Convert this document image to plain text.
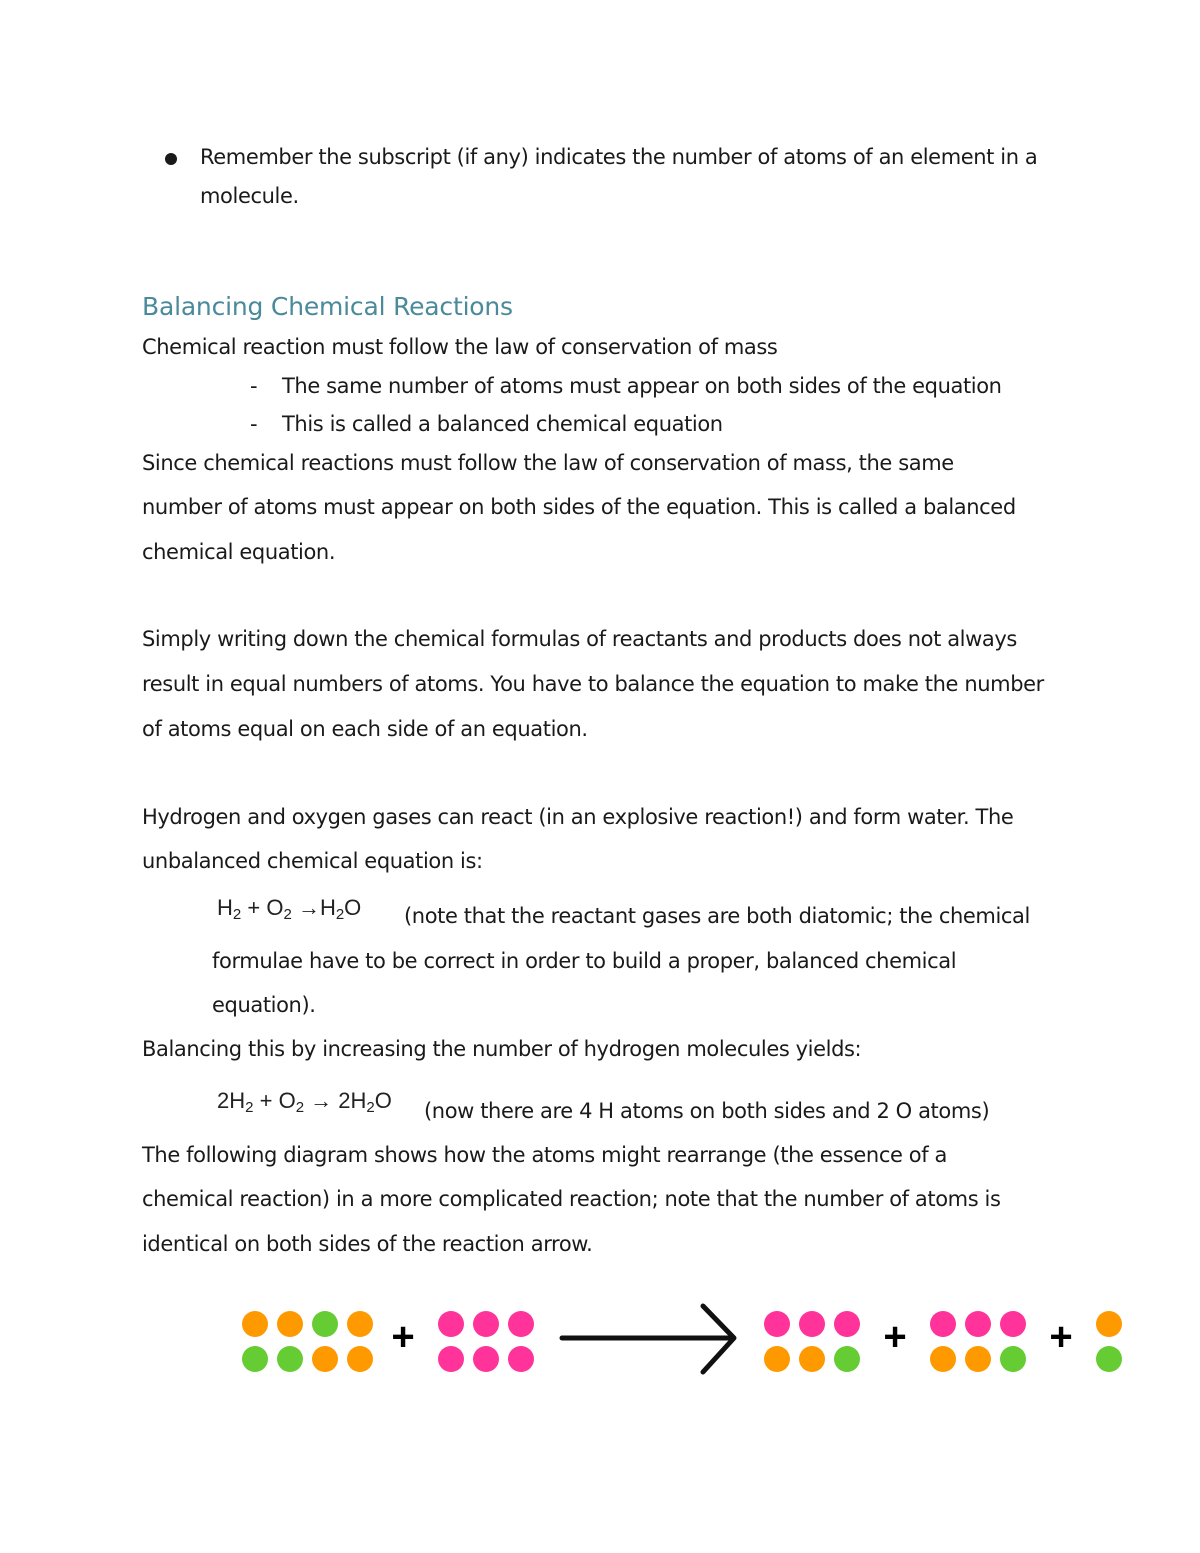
Remember the subscript (if any) indicates the number of atoms of an element in a
molecule.
Balancing Chemical Reactions
Chemical reaction must follow the law of conservation of mass
- The same number of atoms must appear on both sides of the equation
- This is called a balanced chemical equation
Since chemical reactions must follow the law of conservation of mass, the same
number of atoms must appear on both sides of the equation. This is called a balanced
chemical equation.
Simply writing down the chemical formulas of reactants and products does not always
result in equal numbers of atoms. You have to balance the equation to make the number
of atoms equal on each side of an equation.
Hydrogen and oxygen gases can react (in an explosive reaction!) and form water. The
unbalanced chemical equation is:
$H_2 + O_2 \to H_2O$ (note that the reactant gases are both diatomic; the chemical
formulae have to be correct in order to build a proper, balanced chemical
equation).
Balancing this by increasing the number of hydrogen molecules yields:
$2H_2 + O_2 \to 2H_2O$ (now there are 4 H atoms on both sides and 2 O atoms)
The following diagram shows how the atoms might rearrange (the essence of a
chemical reaction) in a more complicated reaction; note that the number of atoms is
identical on both sides of the reaction arrow.
+	+	+
